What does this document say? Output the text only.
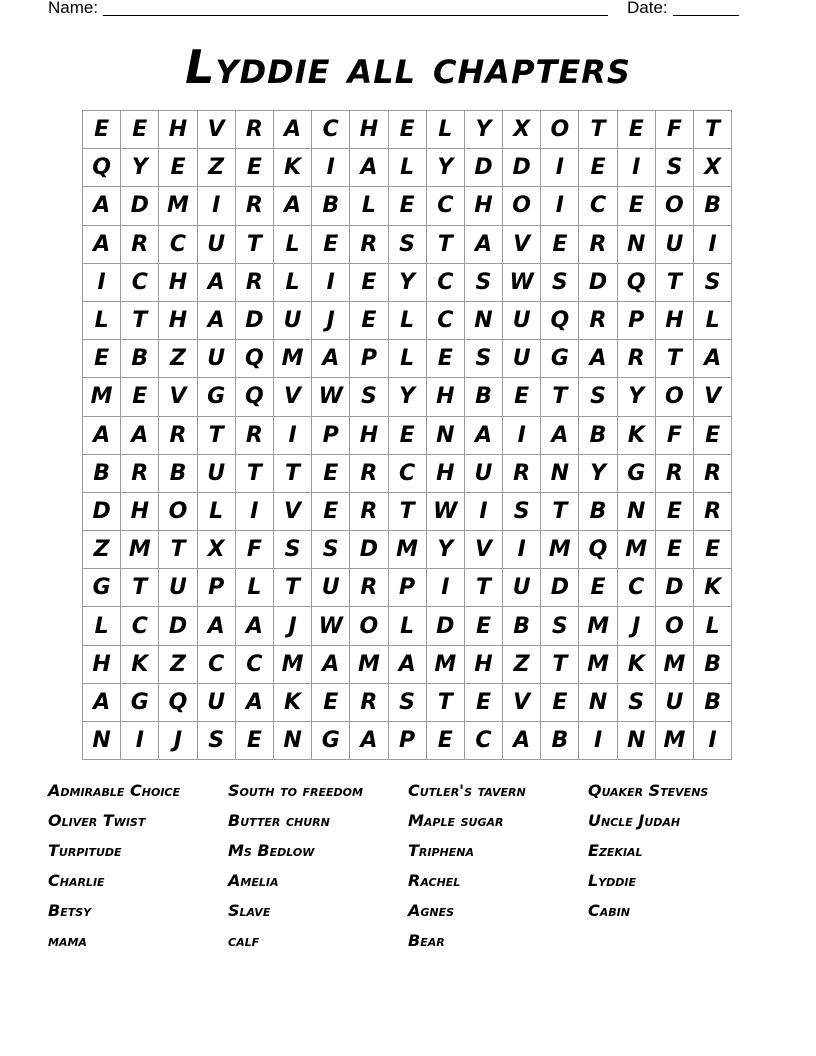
Name:	Date:
Lyddie all chapters
E	E H V R A C H E	L	Y X O T	E	F	T
Q Y	E	Z	E	K	I	A	L	Y D D	I	E	I	S X
A D M	I	R A B	L	E	C H O	I	C	E O B
A R C U T	L	E	R S	T	A V	E	R N U	I
I	C H A R	L	I	E	Y	C	S W S D Q T	S
L	T H A D U	J	E	L	C N U Q R P H L
E	B Z U Q M A P	L	E	S U G A R	T	A
M E	V G Q V W S	Y H B	E	T	S	Y O V
A A R	T	R	I	P H E N A	I	A B K	F	E
B R B U T	T	E	R C H U R N Y G R R
D H O L	I	V	E	R	T W I	S	T	B N E	R
Z M T	X	F	S	S D M Y V	I	M Q M E	E
G T U P	L	T U R P	I	T U D E	C D K
L	C D A A	J W O L	D E	B S M	J	O L
H K Z	C	C M A M A M H Z	T M K M B
A G Q U A K	E	R S	T	E	V	E N S U B
N	I	J	S	E N G A P	E	C A B	I	N M	I
Admirable Choice
Oliver Twist
Turpitude
Charlie
Betsy
mama
South to freedom
Butter churn
Ms Bedlow
Amelia
Slave
calf
Cutler's tavern
Maple sugar
Triphena
Rachel
Agnes
Bear
Quaker Stevens
Uncle Judah
Ezekial
Lyddie
Cabin
